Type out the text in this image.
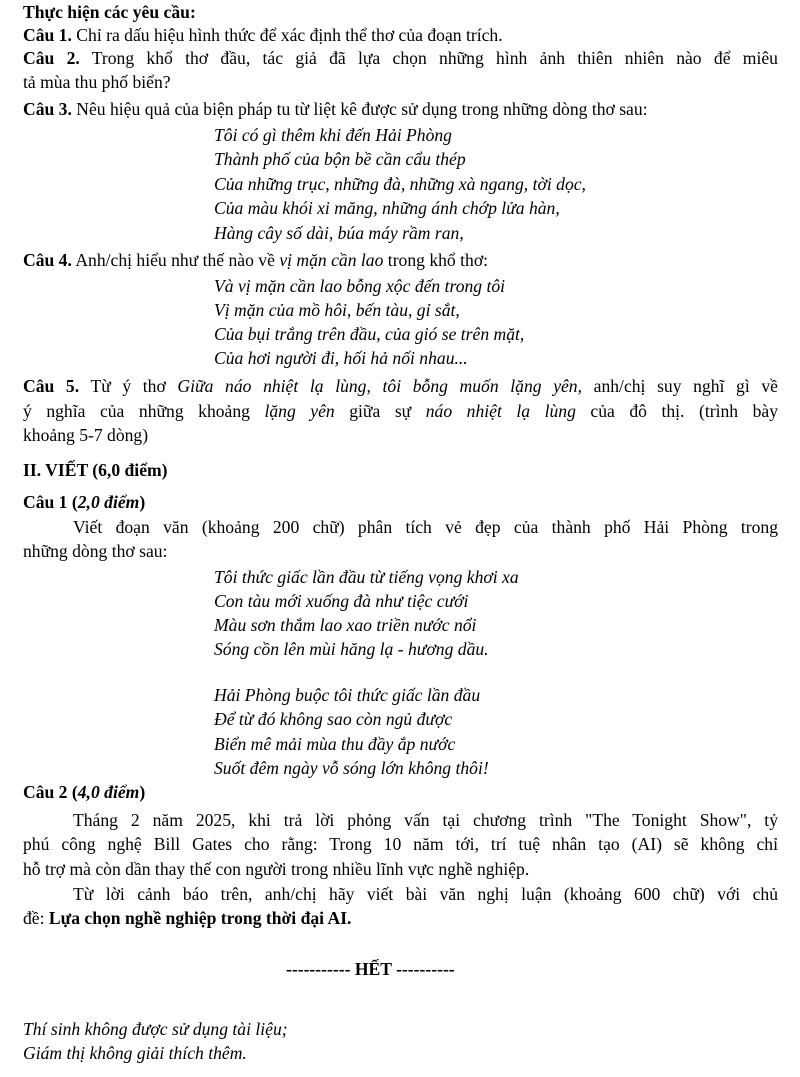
Thực hiện các yêu cầu:
Câu 1. Chỉ ra dấu hiệu hình thức để xác định thể thơ của đoạn trích.
Câu 2. Trong khổ thơ đầu, tác giả đã lựa chọn những hình ảnh thiên nhiên nào để miêu
tả mùa thu phố biển?
Câu 3. Nêu hiệu quả của biện pháp tu từ liệt kê được sử dụng trong những dòng thơ sau:
Tôi có gì thêm khi đến Hải Phòng
Thành phố của bộn bề cần cẩu thép
Của những trục, những đà, những xà ngang, tời dọc,
Của màu khói xi măng, những ánh chớp lửa hàn,
Hàng cây số dài, búa máy rầm ran,
Câu 4. Anh/chị hiểu như thế nào về vị mặn cần lao trong khổ thơ:
Và vị mặn cần lao bỗng xộc đến trong tôi
Vị mặn của mồ hôi, bến tàu, gỉ sắt,
Của bụi trắng trên đầu, của gió se trên mặt,
Của hơi người đi, hối hả nối nhau...
Câu 5. Từ ý thơ Giữa náo nhiệt lạ lùng, tôi bỗng muốn lặng yên, anh/chị suy nghĩ gì về
ý nghĩa của những khoảng lặng yên giữa sự náo nhiệt lạ lùng của đô thị. (trình bày
khoảng 5-7 dòng)
II. VIẾT (6,0 điểm)
Câu 1 (2,0 điểm)
Viết đoạn văn (khoảng 200 chữ) phân tích vẻ đẹp của thành phố Hải Phòng trong
những dòng thơ sau:
Tôi thức giấc lần đầu từ tiếng vọng khơi xa
Con tàu mới xuống đà như tiệc cưới
Màu sơn thắm lao xao triền nước nổi
Sóng cồn lên mùi hăng lạ - hương dầu.
Hải Phòng buộc tôi thức giấc lần đầu
Để từ đó không sao còn ngủ được
Biển mê mải mùa thu đầy ắp nước
Suốt đêm ngày vỗ sóng lớn không thôi!
Câu 2 (4,0 điểm)
Tháng 2 năm 2025, khi trả lời phỏng vấn tại chương trình "The Tonight Show", tỷ
phú công nghệ Bill Gates cho rằng: Trong 10 năm tới, trí tuệ nhân tạo (AI) sẽ không chỉ
hỗ trợ mà còn dần thay thế con người trong nhiều lĩnh vực nghề nghiệp.
Từ lời cảnh báo trên, anh/chị hãy viết bài văn nghị luận (khoảng 600 chữ) với chủ
đề: Lựa chọn nghề nghiệp trong thời đại AI.
----------- HẾT ----------
Thí sinh không được sử dụng tài liệu;
Giám thị không giải thích thêm.
